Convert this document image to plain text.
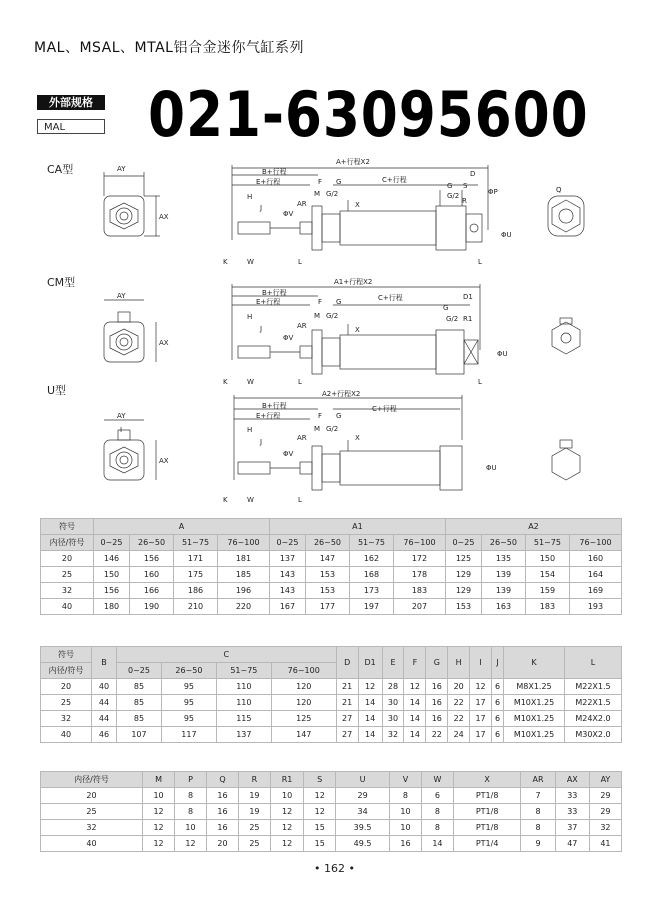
MAL、MSAL、MTAL铝合金迷你气缸系列
外部规格
MAL	021-63095600
CA型
CM型
U型
A+行程X2
B+行程
E+行程	C+行程
F G
D
G S
ΦP
G/2
R
H
J
M
AR
G/2
X
ΦV
ΦU
K	W	L	L
AY
AX
Q
A1+行程X2
B+行程
E+行程	C+行程
F G
D1
G
G/2 R1
H
J
M
AR
G/2
X
ΦV
ΦU
K	W	L	L
AY
AX
A2+行程X2
B+行程
E+行程
C+行程
F G
H
J
M
AR
G/2
X
ΦV
ΦU
K	W	L
AY
I
AX
符号	A				A1				A2			
内径/符号	0~25	26~50	51~75	76~100	0~25	26~50	51~75	76~100	0~25	26~50	51~75	76~100
20	146	156	171	181	137	147	162	172	125	135	150	160
25	150	160	175	185	143	153	168	178	129	139	154	164
32	156	166	186	196	143	153	173	183	129	139	159	169
40	180	190	210	220	167	177	197	207	153	163	183	193
符号	B	C				D	D1	E	F	G	H	I	J	K	L
内径/符号		0~25	26~50	51~75	76~100										
20	40	85	95	110	120	21	12	28	12	16	20	12	6	M8X1.25	M22X1.5
25	44	85	95	110	120	21	14	30	14	16	22	17	6	M10X1.25	M22X1.5
32	44	85	95	115	125	27	14	30	14	16	22	17	6	M10X1.25	M24X2.0
40	46	107	117	137	147	27	14	32	14	22	24	17	6	M10X1.25	M30X2.0
内径/符号	M	P	Q	R	R1	S	U	V	W	X	AR	AX	AY
20	10	8	16	19	10	12	29	8	6	PT1/8	7	33	29
25	12	8	16	19	12	12	34	10	8	PT1/8	8	33	29
32	12	10	16	25	12	15	39.5	10	8	PT1/8	8	37	32
40	12	12	20	25	12	15	49.5	16	14	PT1/4	9	47	41
• 162 •
